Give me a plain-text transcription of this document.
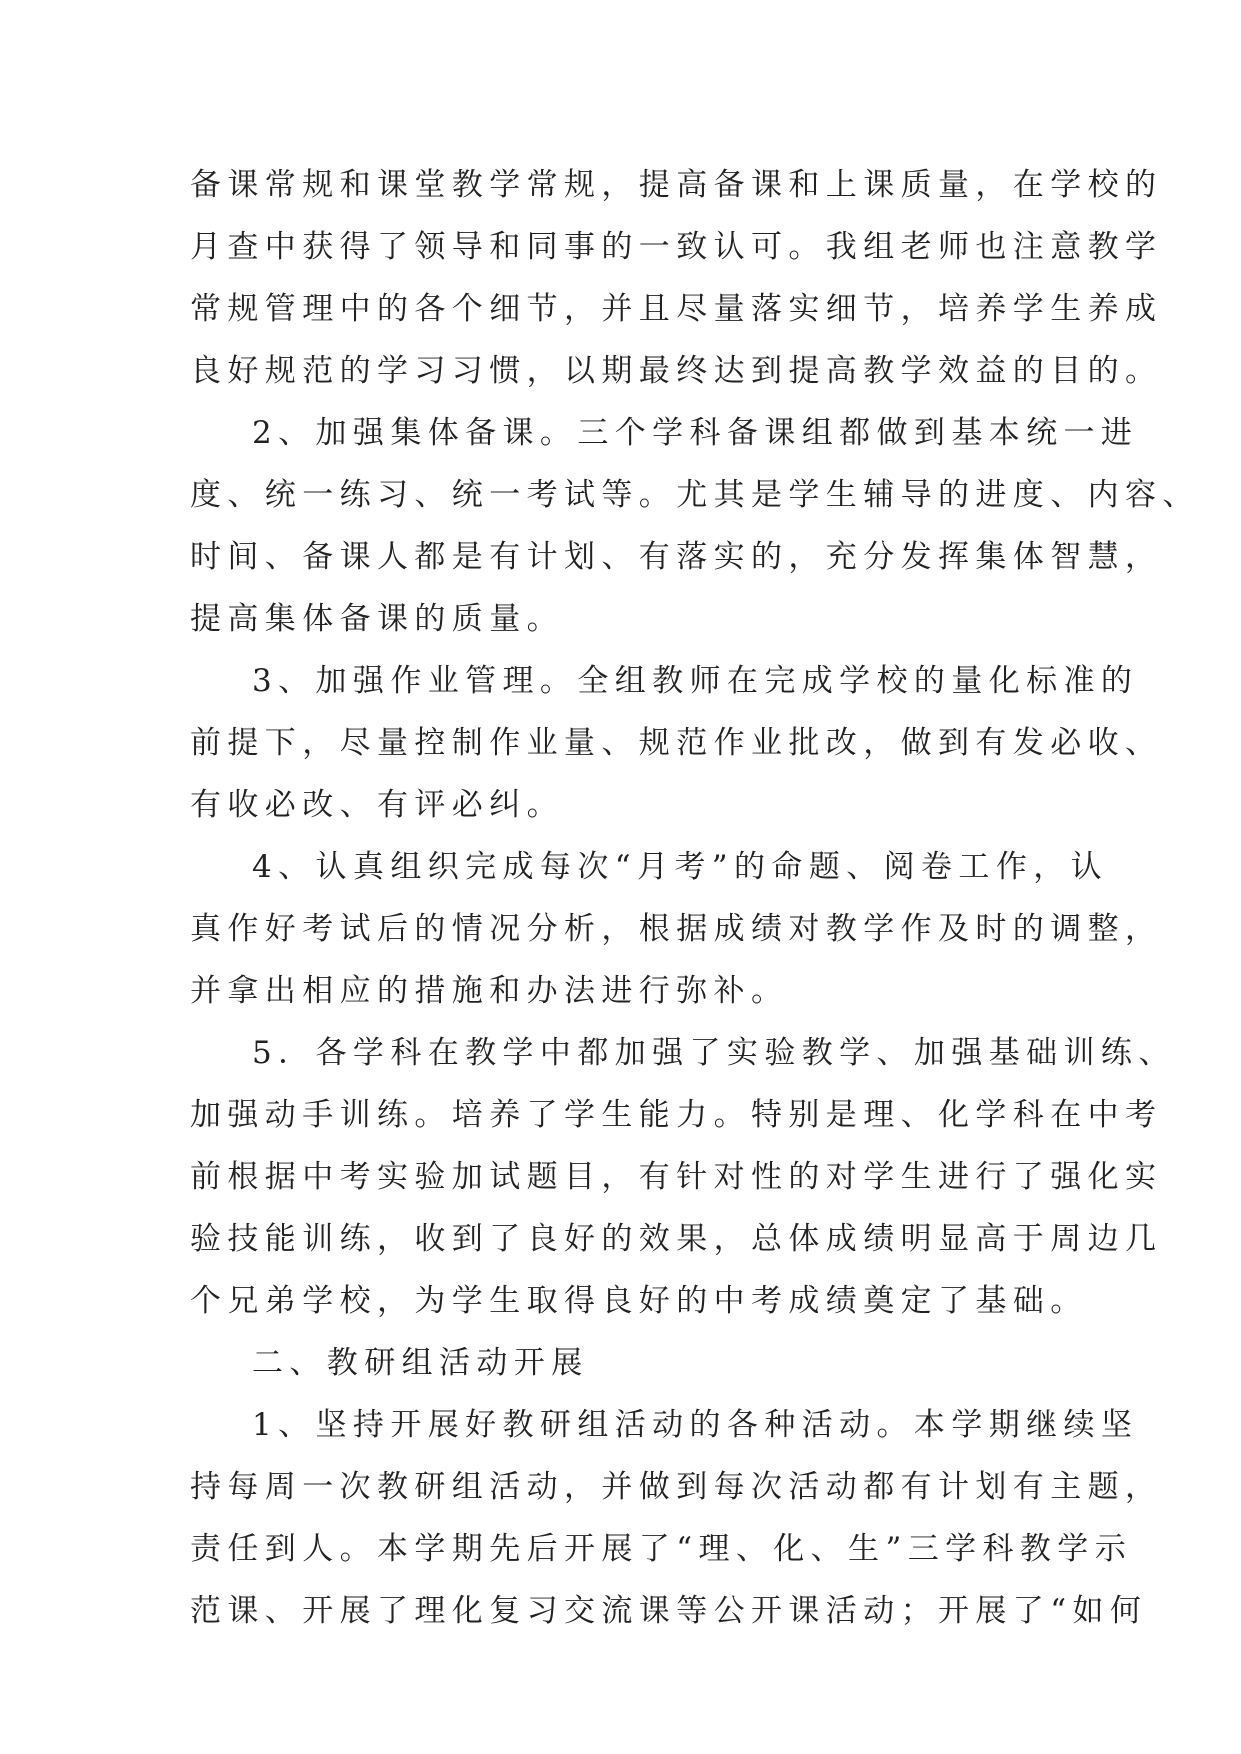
备课常规和课堂教学常规，提高备课和上课质量，在学校的
月查中获得了领导和同事的一致认可。我组老师也注意教学
常规管理中的各个细节，并且尽量落实细节，培养学生养成
良好规范的学习习惯，以期最终达到提高教学效益的目的。
2、加强集体备课。三个学科备课组都做到基本统一进
度、统一练习、统一考试等。尤其是学生辅导的进度、内容、
时间、备课人都是有计划、有落实的，充分发挥集体智慧，
提高集体备课的质量。
3、加强作业管理。全组教师在完成学校的量化标准的
前提下，尽量控制作业量、规范作业批改，做到有发必收、
有收必改、有评必纠。
4、认真组织完成每次“月考”的命题、阅卷工作，认
真作好考试后的情况分析，根据成绩对教学作及时的调整，
并拿出相应的措施和办法进行弥补。
5．各学科在教学中都加强了实验教学、加强基础训练、
加强动手训练。培养了学生能力。特别是理、化学科在中考
前根据中考实验加试题目，有针对性的对学生进行了强化实
验技能训练，收到了良好的效果，总体成绩明显高于周边几
个兄弟学校，为学生取得良好的中考成绩奠定了基础。
二、教研组活动开展
1、坚持开展好教研组活动的各种活动。本学期继续坚
持每周一次教研组活动，并做到每次活动都有计划有主题，
责任到人。本学期先后开展了“理、化、生”三学科教学示
范课、开展了理化复习交流课等公开课活动；开展了“如何
